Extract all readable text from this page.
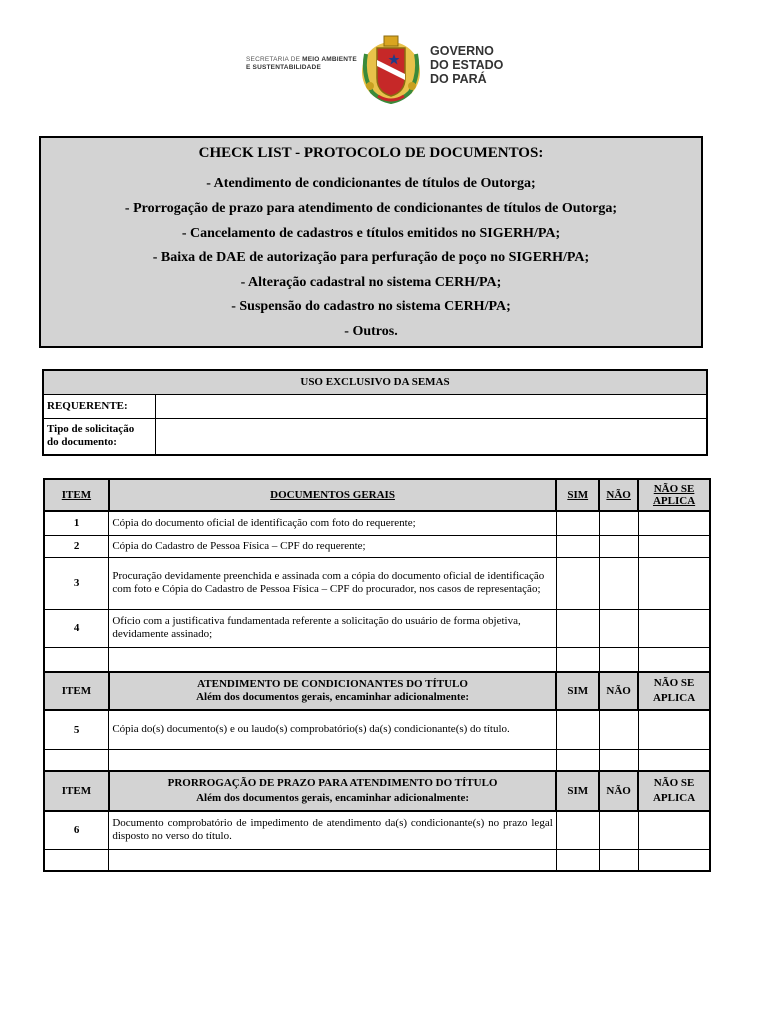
SECRETARIA DE MEIO AMBIENTE
E SUSTENTABILIDADE
GOVERNO
DO ESTADO
DO PARÁ
CHECK LIST - PROTOCOLO DE DOCUMENTOS:
- Atendimento de condicionantes de títulos de Outorga;
- Prorrogação de prazo para atendimento de condicionantes de títulos de Outorga;
- Cancelamento de cadastros e títulos emitidos no SIGERH/PA;
- Baixa de DAE de autorização para perfuração de poço no SIGERH/PA;
- Alteração cadastral no sistema CERH/PA;
- Suspensão do cadastro no sistema CERH/PA;
- Outros.
USO EXCLUSIVO DA SEMAS	
REQUERENTE:	
Tipo de solicitação
do documento:	
ITEM	DOCUMENTOS GERAIS	SIM	NÃO	NÃO SE
APLICA
1	Cópia do documento oficial de identificação com foto do requerente;			
2	Cópia do Cadastro de Pessoa Física – CPF do requerente;			
3	Procuração devidamente preenchida e assinada com a cópia do documento oficial de identificação com foto e Cópia do Cadastro de Pessoa Física – CPF do procurador, nos casos de representação;			
4	Ofício com a justificativa fundamentada referente a solicitação do usuário de forma objetiva, devidamente assinado;			

ITEM	ATENDIMENTO DE CONDICIONANTES DO TÍTULO
Além dos documentos gerais, encaminhar adicionalmente:	SIM	NÃO	NÃO SE
APLICA
5	Cópia do(s) documento(s) e ou laudo(s) comprobatório(s) da(s) condicionante(s) do título.			

ITEM	PRORROGAÇÃO DE PRAZO PARA ATENDIMENTO DO TÍTULO
Além dos documentos gerais, encaminhar adicionalmente:	SIM	NÃO	NÃO SE
APLICA
6	Documento comprobatório de impedimento de atendimento da(s) condicionante(s) no prazo legal disposto no verso do título.			
